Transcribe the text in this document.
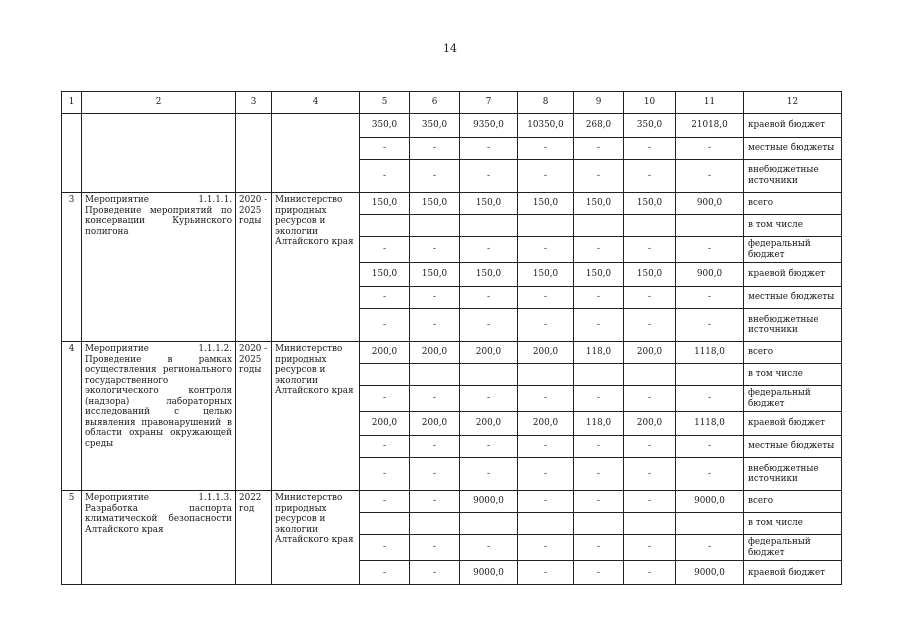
14
1	2	3	4	5	6	7	8	9	10	11	12
				350,0	350,0	9350,0	10350,0	268,0	350,0	21018,0	краевой бюджет
				-	-	-	-	-	-	-	местные бюджеты
				-	-	-	-	-	-	-	внебюджетные источники
3	Мероприятие 1.1.1.1. Проведение мероприятий по консервации Курьинского полигона	2020 - 2025 годы	Министерство природных ресурсов и экологии Алтайского края	150,0	150,0	150,0	150,0	150,0	150,0	900,0	всего
											в том числе
				-	-	-	-	-	-	-	федеральный бюджет
				150,0	150,0	150,0	150,0	150,0	150,0	900,0	краевой бюджет
				-	-	-	-	-	-	-	местные бюджеты
				-	-	-	-	-	-	-	внебюджетные источники
4	Мероприятие 1.1.1.2. Проведение в рамках осуществления регионального государственного экологического контроля (надзора) лабораторных исследований с целью выявления правонарушений в области охраны окружающей среды	2020 - 2025 годы	Министерство природных ресурсов и экологии Алтайского края	200,0	200,0	200,0	200,0	118,0	200,0	1118,0	всего
											в том числе
				-	-	-	-	-	-	-	федеральный бюджет
				200,0	200,0	200,0	200,0	118,0	200,0	1118,0	краевой бюджет
				-	-	-	-	-	-	-	местные бюджеты
				-	-	-	-	-	-	-	внебюджетные источники
5	Мероприятие 1.1.1.3. Разработка паспорта климатической безопасности Алтайского края	2022 год	Министерство природных ресурсов и экологии Алтайского края	-	-	9000,0	-	-	-	9000,0	всего
											в том числе
				-	-	-	-	-	-	-	федеральный бюджет
				-	-	9000,0	-	-	-	9000,0	краевой бюджет
